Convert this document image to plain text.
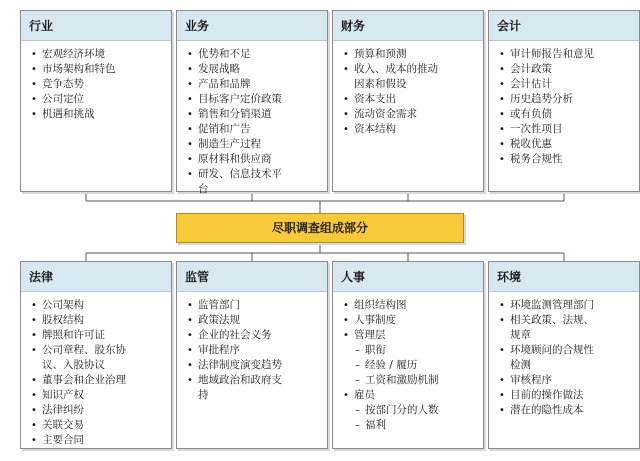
行业
• 宏观经济环境
• 市场架构和特色
• 竞争态势
• 公司定位
• 机遇和挑战
业务
• 优势和不足
• 发展战略
• 产品和品牌
• 目标客户定价政策
• 销售和分销渠道
• 促销和广告
• 制造生产过程
• 原材料和供应商
• 研发、信息技术平
台
财务
• 预算和预测
• 收入、成本的推动
因素和假设
• 资本支出
• 流动资金需求
• 资本结构
会计
• 审计师报告和意见
• 会计政策
• 会计估计
• 历史趋势分析
• 或有负债
• 一次性项目
• 税收优惠
• 税务合规性
尽职调查组成部分
法律
• 公司架构
• 股权结构
• 牌照和许可证
• 公司章程、股东协
议、入股协议
• 董事会和企业治理
• 知识产权
• 法律纠纷
• 关联交易
• 主要合同
监管
• 监管部门
• 政策法规
• 企业的社会义务
• 审批程序
• 法律制度演变趋势
• 地域政治和政府支
持
人事
• 组织结构图
• 人事制度
• 管理层
– 职衔
– 经验 / 履历
– 工资和激励机制
• 雇员
– 按部门分的人数
– 福利
环境
• 环境监测管理部门
• 相关政策、法规、
规章
• 环境顾问的合规性
检测
• 审核程序
• 目前的操作做法
• 潜在的隐性成本
